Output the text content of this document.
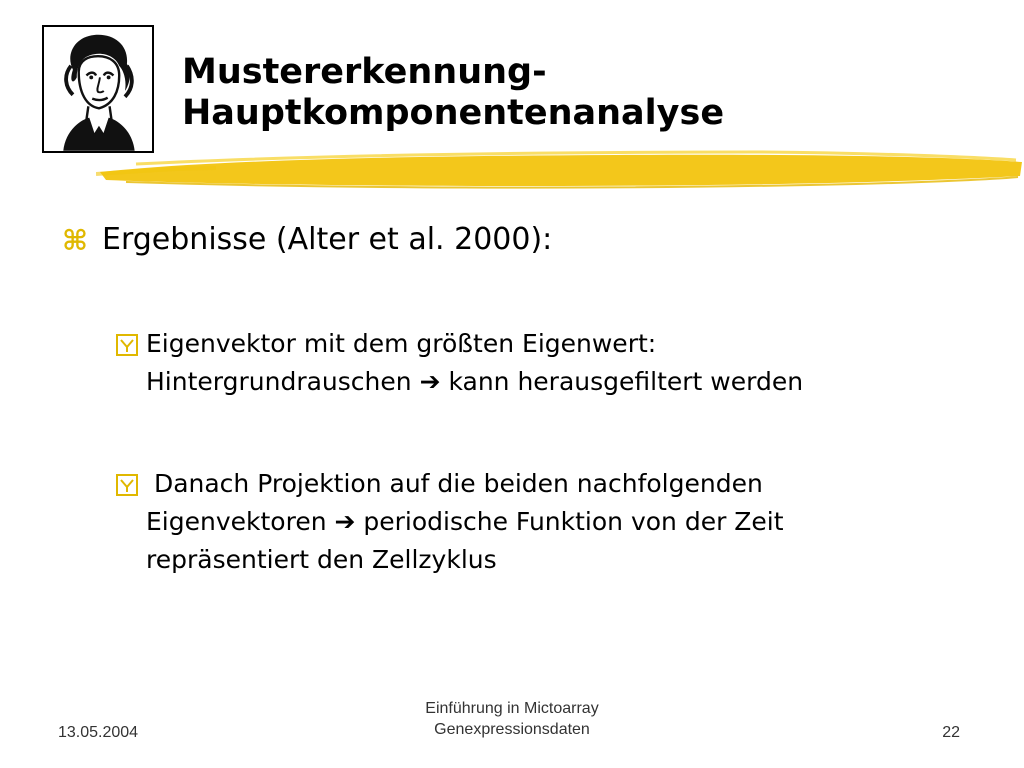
Mustererkennung-
Hauptkomponentenanalyse
⌘ Ergebnisse (Alter et al. 2000):
Eigenvektor mit dem größten Eigenwert:
Hintergrundrauschen ➔ kann herausgefiltert werden
Danach Projektion auf die beiden nachfolgenden
Eigenvektoren ➔ periodische Funktion von der Zeit
repräsentiert den Zellzyklus
13.05.2004
Einführung in Mictoarray
Genexpressionsdaten	22
